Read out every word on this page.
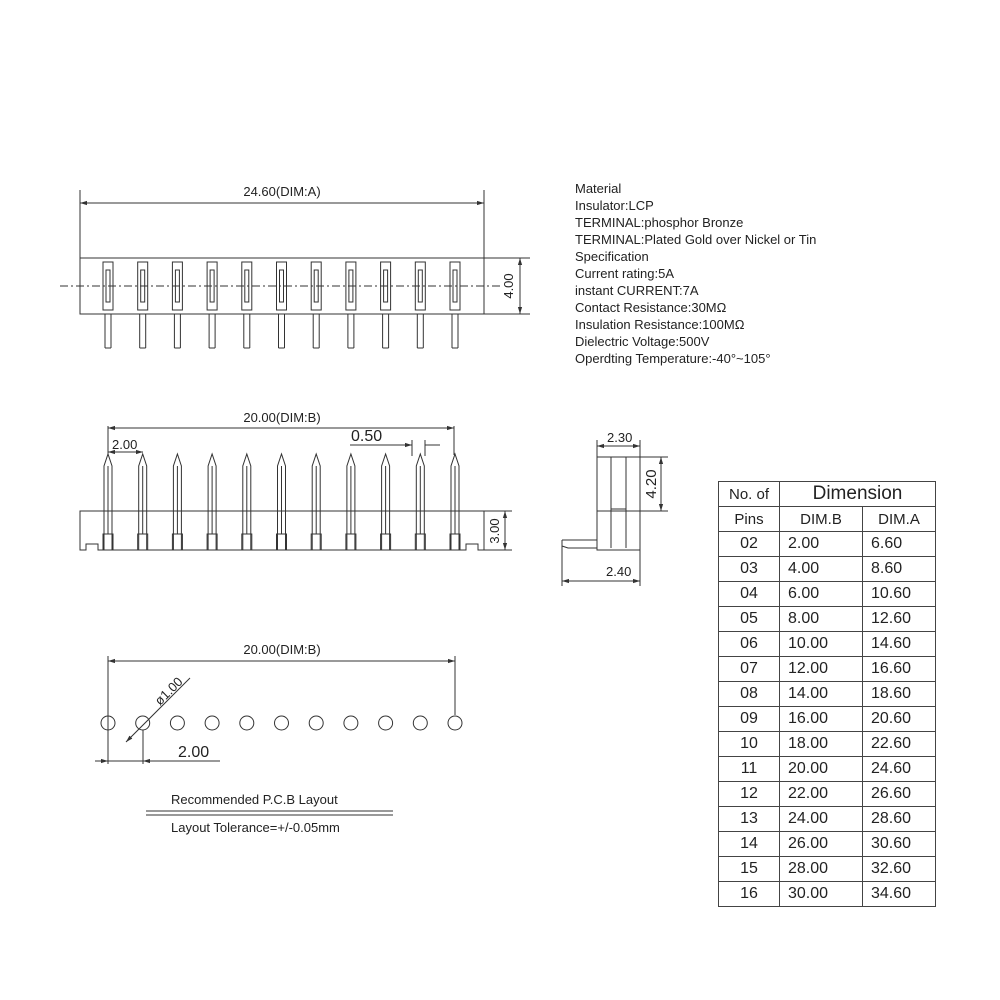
24.60(DIM:A)
4.00
20.00(DIM:B)
2.00	0.50
3.00
2.30
4.20
2.40
20.00(DIM:B)
ø1.00
2.00
Material
Insulator:LCP
TERMINAL:phosphor Bronze
TERMINAL:Plated Gold over Nickel or Tin
Specification
Current rating:5A
instant CURRENT:7A
Contact Resistance:30MΩ
Insulation Resistance:100MΩ
Dielectric Voltage:500V
Operdting Temperature:-40°~105°
Recommended P.C.B Layout
Layout Tolerance=+/-0.05mm
No. of	Dimension	
Pins	DIM.B	DIM.A
02	2.00	6.60
03	4.00	8.60
04	6.00	10.60
05	8.00	12.60
06	10.00	14.60
07	12.00	16.60
08	14.00	18.60
09	16.00	20.60
10	18.00	22.60
11	20.00	24.60
12	22.00	26.60
13	24.00	28.60
14	26.00	30.60
15	28.00	32.60
16	30.00	34.60
